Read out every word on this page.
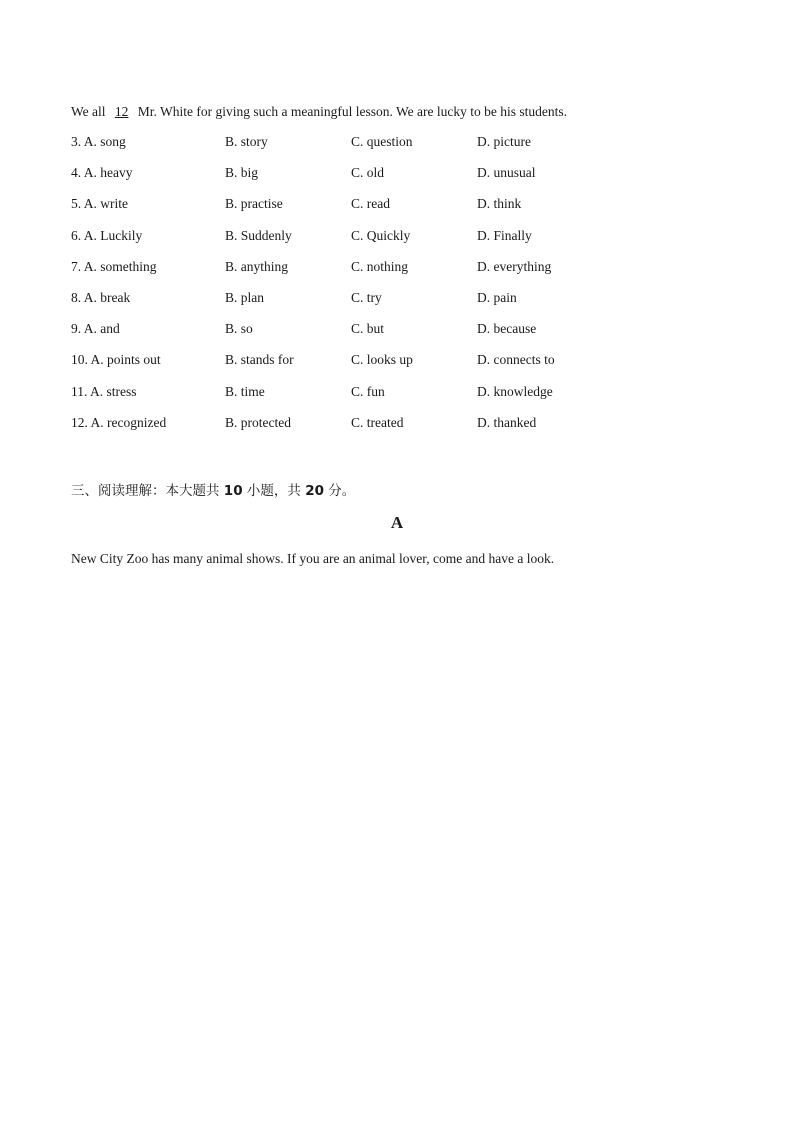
We all 12 Mr. White for giving such a meaningful lesson. We are lucky to be his students.
3. A. song	B. story	C. question	D. picture
4. A. heavy	B. big	C. old	D. unusual
5. A. write	B. practise	C. read	D. think
6. A. Luckily	B. Suddenly	C. Quickly	D. Finally
7. A. something	B. anything	C. nothing	D. everything
8. A. break	B. plan	C. try	D. pain
9. A. and	B. so	C. but	D. because
10. A. points out	B. stands for	C. looks up	D. connects to
11. A. stress	B. time	C. fun	D. knowledge
12. A. recognized	B. protected	C. treated	D. thanked
三、阅读理解：本大题共 10 小题，共 20 分。
A
New City Zoo has many animal shows. If you are an animal lover, come and have a look.
